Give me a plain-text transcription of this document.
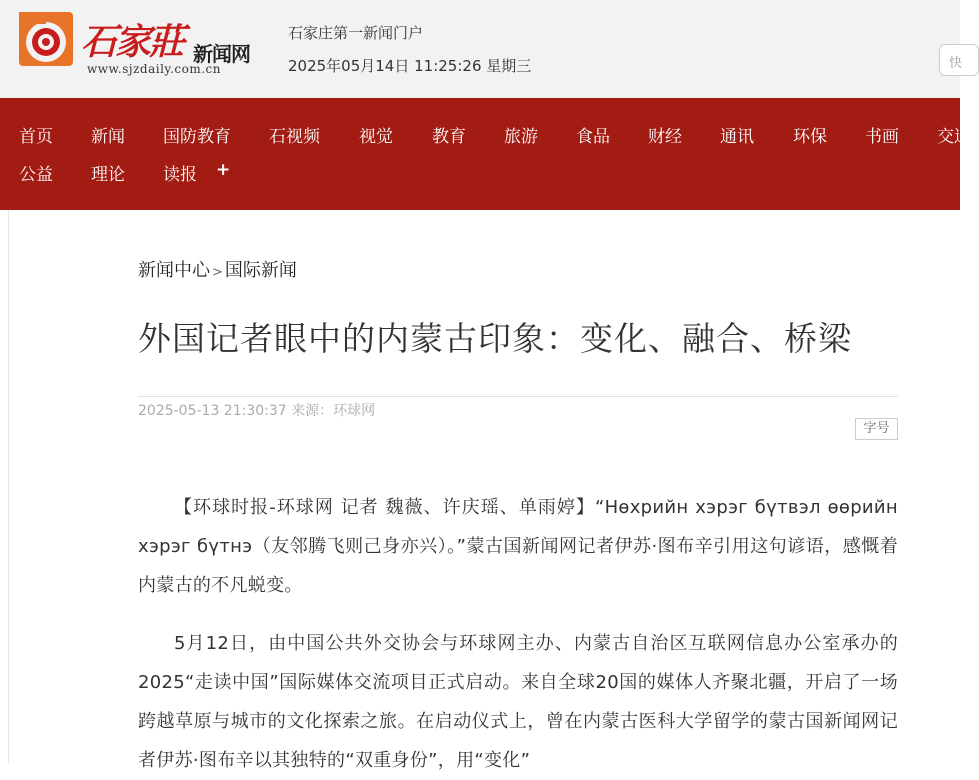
石家莊 新闻网
www.sjzdaily.com.cn
石家庄第一新闻门户
2025年05月14日 11:25:26 星期三	快
首页 新闻 国防教育 石视频 视觉 教育 旅游 食品 财经 通讯 环保 书画 交通
公益 理论 读报 +
新闻中心 > 国际新闻
外国记者眼中的内蒙古印象：变化、融合、桥梁
2025-05-13 21:30:37 来源：环球网
字号

【环球时报-环球网 记者 魏薇、许庆瑶、单雨婷】“Нөхрийн хэрэг бүтвэл өөрийн хэрэг бүтнэ（友邻腾飞则己身亦兴）。”蒙古国新闻网记者伊苏·图布辛引用这句谚语，感慨着内蒙古的不凡蜕变。

5月12日，由中国公共外交协会与环球网主办、内蒙古自治区互联网信息办公室承办的2025“走读中国”国际媒体交流项目正式启动。来自全球20国的媒体人齐聚北疆，开启了一场跨越草原与城市的文化探索之旅。在启动仪式上，曾在内蒙古医科大学留学的蒙古国新闻网记者伊苏·图布辛以其独特的“双重身份”，用“变化”
